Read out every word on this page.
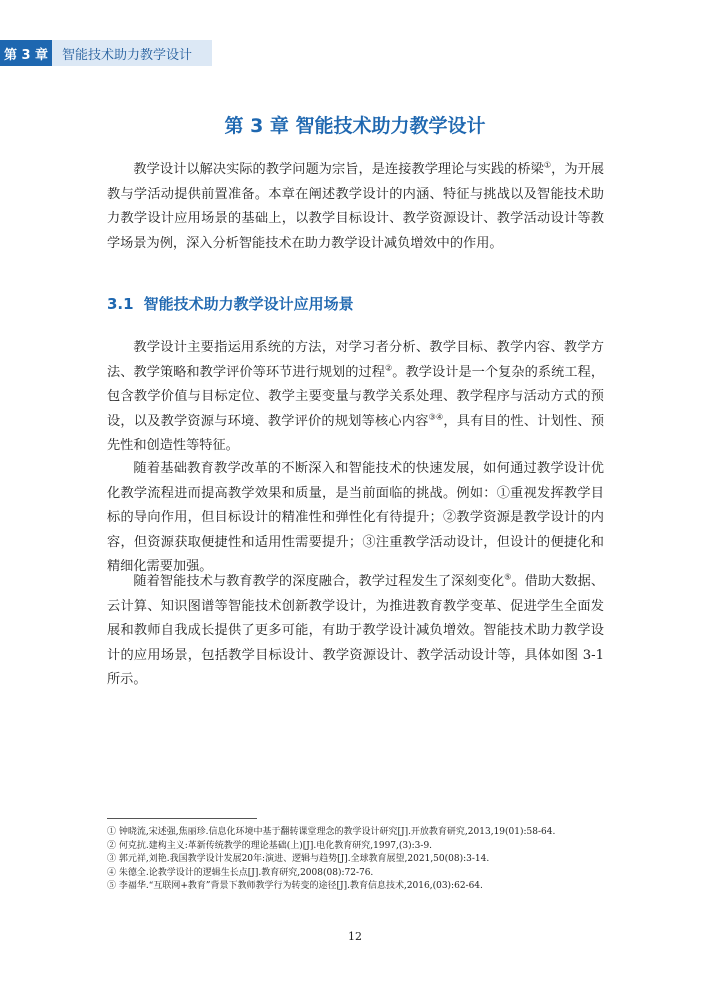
第 3 章	智能技术助力教学设计
第 3 章 智能技术助力教学设计

教学设计以解决实际的教学问题为宗旨，是连接教学理论与实践的桥梁①，为开展教与学活动提供前置准备。本章在阐述教学设计的内涵、特征与挑战以及智能技术助力教学设计应用场景的基础上，以教学目标设计、教学资源设计、教学活动设计等教学场景为例，深入分析智能技术在助力教学设计减负增效中的作用。

3.1 智能技术助力教学设计应用场景

教学设计主要指运用系统的方法，对学习者分析、教学目标、教学内容、教学方法、教学策略和教学评价等环节进行规划的过程②。教学设计是一个复杂的系统工程，包含教学价值与目标定位、教学主要变量与教学关系处理、教学程序与活动方式的预设，以及教学资源与环境、教学评价的规划等核心内容③④，具有目的性、计划性、预先性和创造性等特征。

随着基础教育教学改革的不断深入和智能技术的快速发展，如何通过教学设计优化教学流程进而提高教学效果和质量，是当前面临的挑战。例如：①重视发挥教学目标的导向作用，但目标设计的精准性和弹性化有待提升；②教学资源是教学设计的内容，但资源获取便捷性和适用性需要提升；③注重教学活动设计，但设计的便捷化和精细化需要加强。

随着智能技术与教育教学的深度融合，教学过程发生了深刻变化⑤。借助大数据、云计算、知识图谱等智能技术创新教学设计，为推进教育教学变革、促进学生全面发展和教师自我成长提供了更多可能，有助于教学设计减负增效。智能技术助力教学设计的应用场景，包括教学目标设计、教学资源设计、教学活动设计等，具体如图 3-1 所示。

① 钟晓流,宋述强,焦丽珍.信息化环境中基于翻转课堂理念的教学设计研究[J].开放教育研究,2013,19(01):58-64.

② 何克抗.建构主义:革新传统教学的理论基础(上)[J].电化教育研究,1997,(3):3-9.

③ 郭元祥,刘艳.我国教学设计发展20年:演进、逻辑与趋势[J].全球教育展望,2021,50(08):3-14.

④ 朱德全.论教学设计的逻辑生长点[J].教育研究,2008(08):72-76.

⑤ 李福华.“互联网+教育”背景下教师教学行为转变的途径[J].教育信息技术,2016,(03):62-64.

12
